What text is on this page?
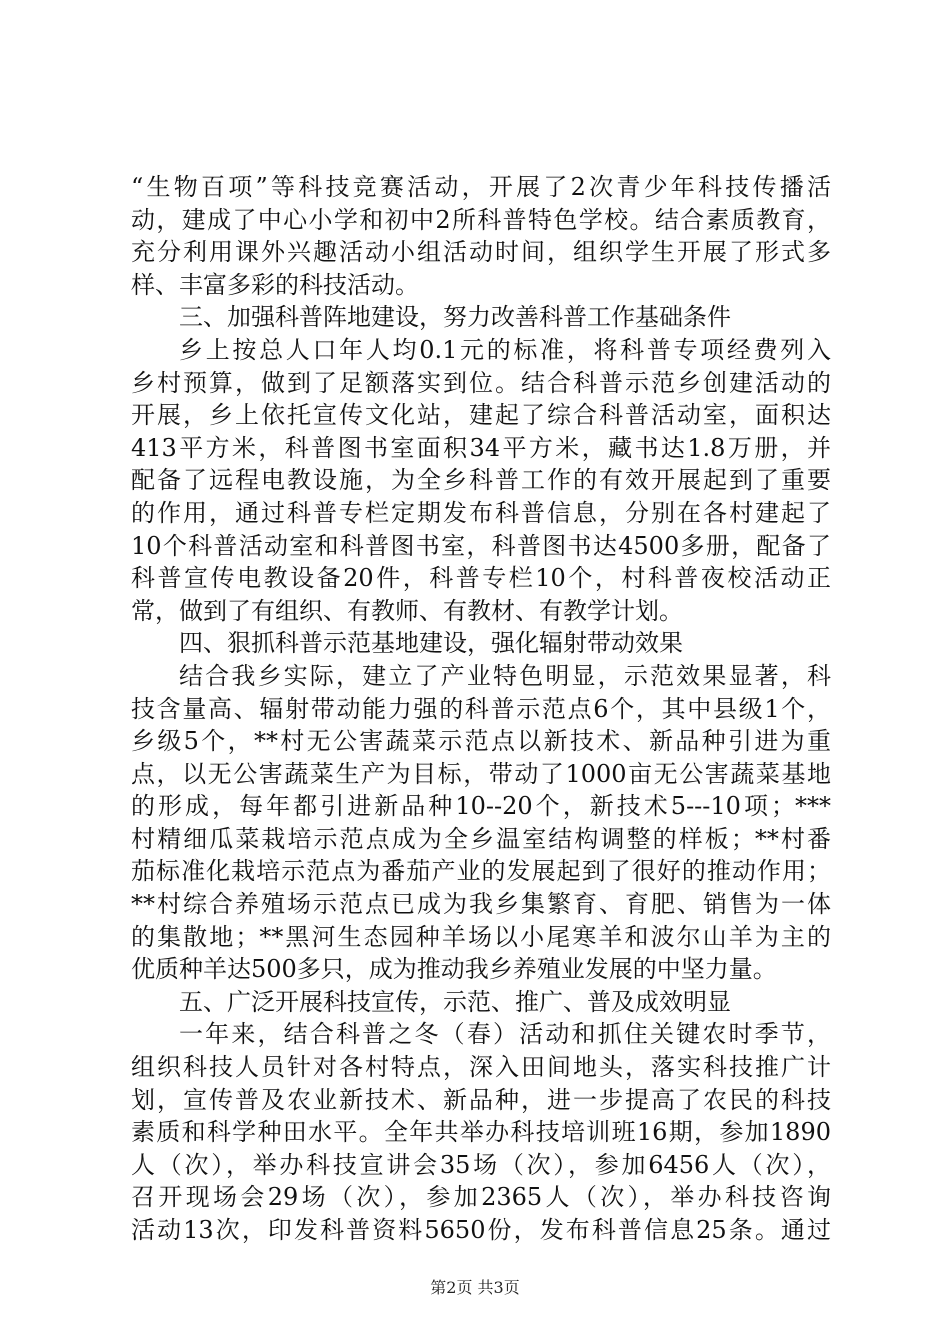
“生物百项”等科技竞赛活动，开展了2次青少年科技传播活
动，建成了中心小学和初中2所科普特色学校。结合素质教育，
充分利用课外兴趣活动小组活动时间，组织学生开展了形式多
样、丰富多彩的科技活动。
三、加强科普阵地建设，努力改善科普工作基础条件
乡上按总人口年人均0.1元的标准，将科普专项经费列入
乡村预算，做到了足额落实到位。结合科普示范乡创建活动的
开展，乡上依托宣传文化站，建起了综合科普活动室，面积达
413平方米，科普图书室面积34平方米，藏书达1.8万册，并
配备了远程电教设施，为全乡科普工作的有效开展起到了重要
的作用，通过科普专栏定期发布科普信息，分别在各村建起了
10个科普活动室和科普图书室，科普图书达4500多册，配备了
科普宣传电教设备20件，科普专栏10个，村科普夜校活动正
常，做到了有组织、有教师、有教材、有教学计划。
四、狠抓科普示范基地建设，强化辐射带动效果
结合我乡实际，建立了产业特色明显，示范效果显著，科
技含量高、辐射带动能力强的科普示范点6个，其中县级1个，
乡级5个，**村无公害蔬菜示范点以新技术、新品种引进为重
点，以无公害蔬菜生产为目标，带动了1000亩无公害蔬菜基地
的形成，每年都引进新品种10--20个，新技术5---10项；***
村精细瓜菜栽培示范点成为全乡温室结构调整的样板；**村番
茄标准化栽培示范点为番茄产业的发展起到了很好的推动作用；
**村综合养殖场示范点已成为我乡集繁育、育肥、销售为一体
的集散地；**黑河生态园种羊场以小尾寒羊和波尔山羊为主的
优质种羊达500多只，成为推动我乡养殖业发展的中坚力量。
五、广泛开展科技宣传，示范、推广、普及成效明显
一年来，结合科普之冬（春）活动和抓住关键农时季节，
组织科技人员针对各村特点，深入田间地头，落实科技推广计
划，宣传普及农业新技术、新品种，进一步提高了农民的科技
素质和科学种田水平。全年共举办科技培训班16期，参加1890
人（次），举办科技宣讲会35场（次），参加6456人（次），
召开现场会29场（次），参加2365人（次），举办科技咨询
活动13次，印发科普资料5650份，发布科普信息25条。通过
第2页 共3页
